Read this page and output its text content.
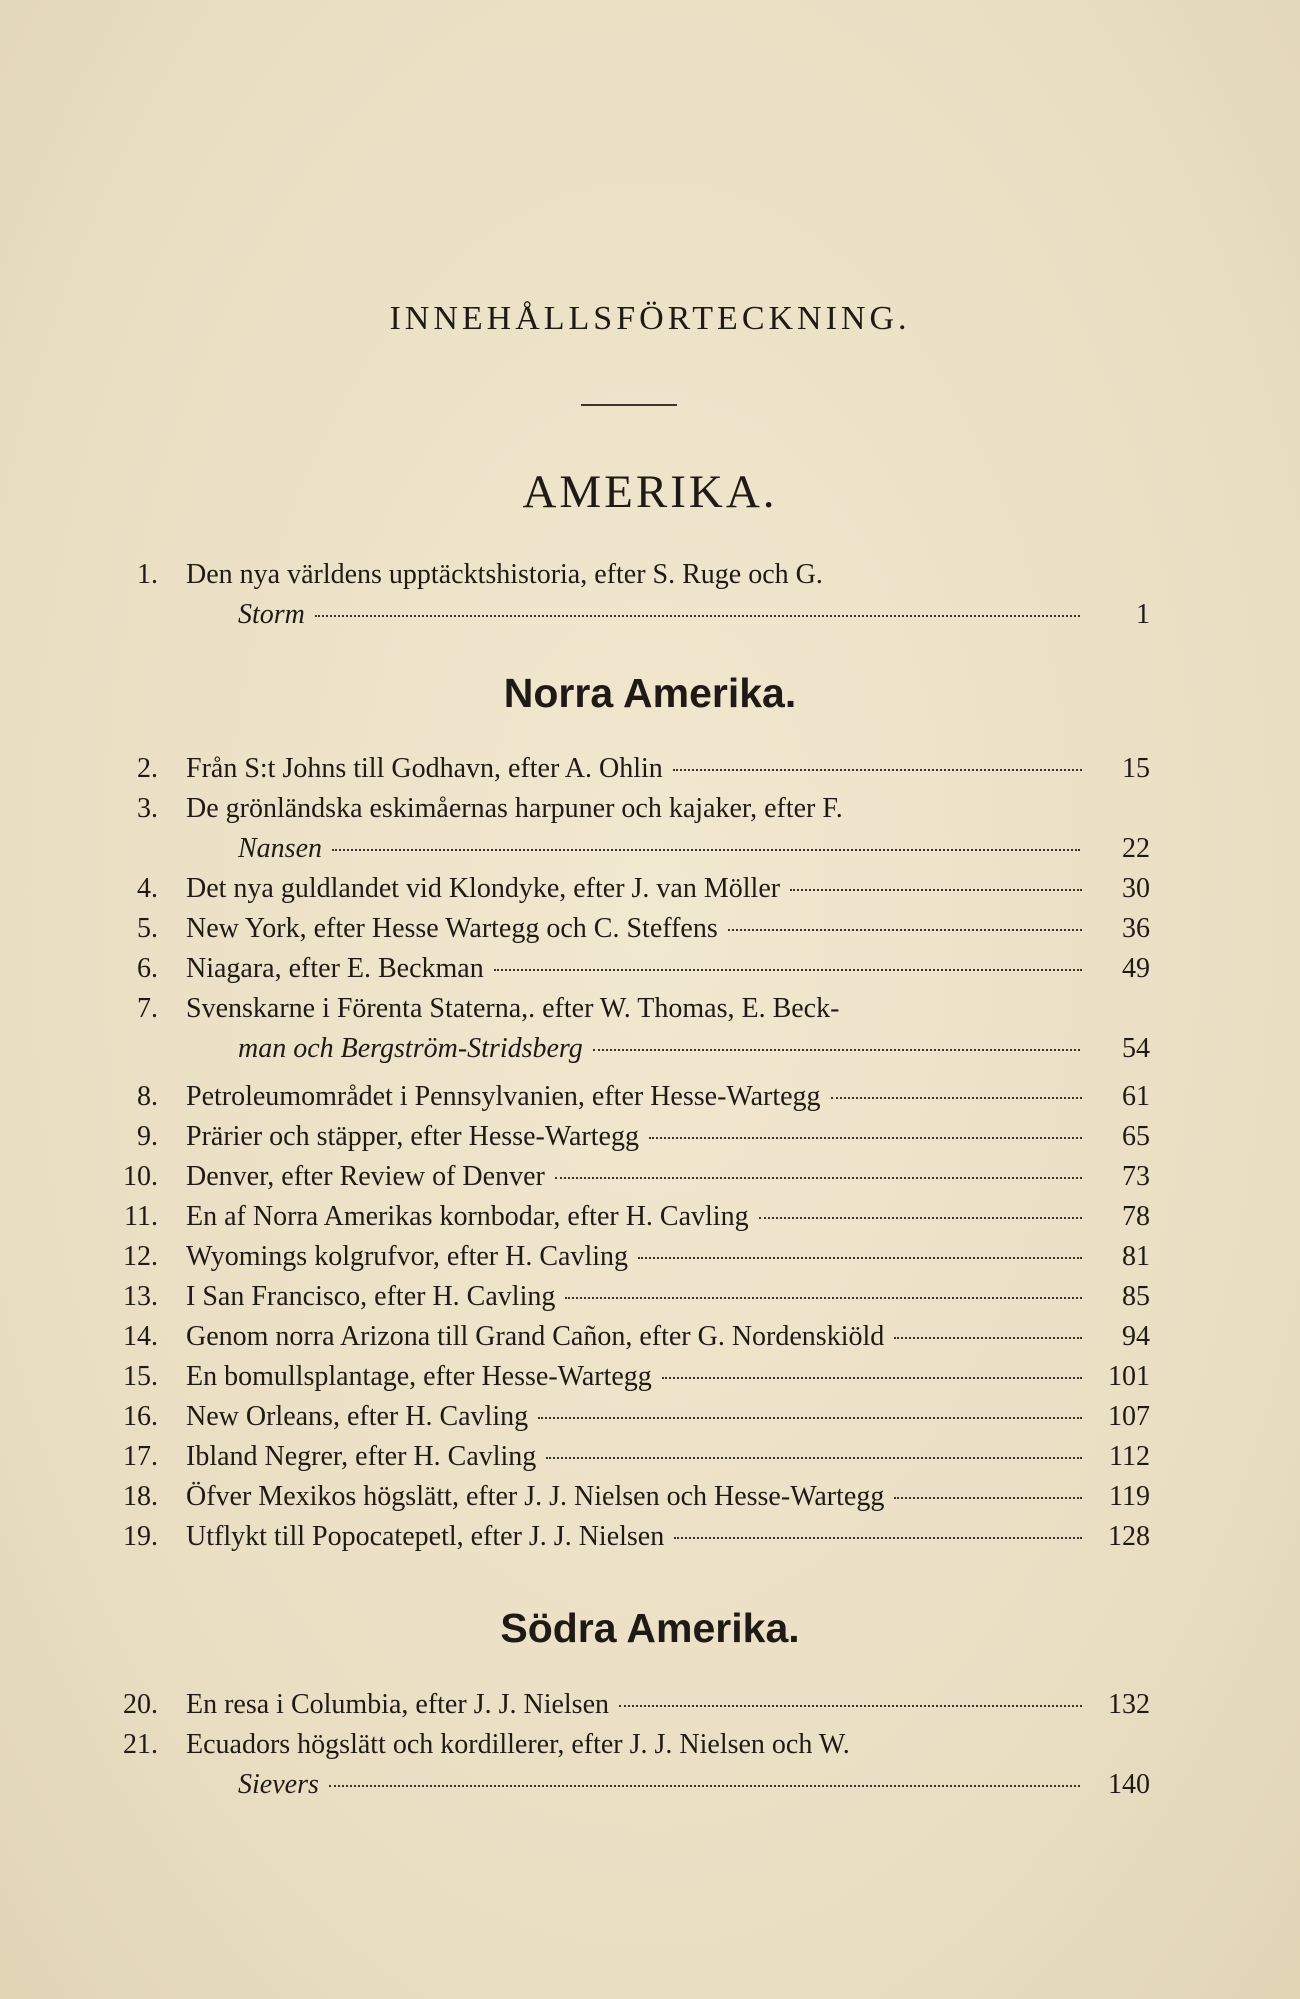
INNEHÅLLSFÖRTECKNING.
AMERIKA.
1. Den nya världens upptäcktshistoria, efter S. Ruge och G.
Storm	1
Norra Amerika.
2. Från S:t Johns till Godhavn, efter A. Ohlin	15
3. De grönländska eskimåernas harpuner och kajaker, efter F.
Nansen	22
4. Det nya guldlandet vid Klondyke, efter J. van Möller	30
5. New York, efter Hesse Wartegg och C. Steffens	36
6. Niagara, efter E. Beckman	49
7. Svenskarne i Förenta Staterna,. efter W. Thomas, E. Beck-
man och Bergström-Stridsberg	54
8. Petroleumområdet i Pennsylvanien, efter Hesse-Wartegg	61
9. Prärier och stäpper, efter Hesse-Wartegg	65
10. Denver, efter Review of Denver	73
11. En af Norra Amerikas kornbodar, efter H. Cavling	78
12. Wyomings kolgrufvor, efter H. Cavling	81
13. I San Francisco, efter H. Cavling	85
14. Genom norra Arizona till Grand Cañon, efter G. Nordenskiöld	94
15. En bomullsplantage, efter Hesse-Wartegg	101
16. New Orleans, efter H. Cavling	107
17. Ibland Negrer, efter H. Cavling	112
18. Öfver Mexikos högslätt, efter J. J. Nielsen och Hesse-Wartegg	119
19. Utflykt till Popocatepetl, efter J. J. Nielsen	128
Södra Amerika.
20. En resa i Columbia, efter J. J. Nielsen	132
21. Ecuadors högslätt och kordillerer, efter J. J. Nielsen och W.
Sievers	140
